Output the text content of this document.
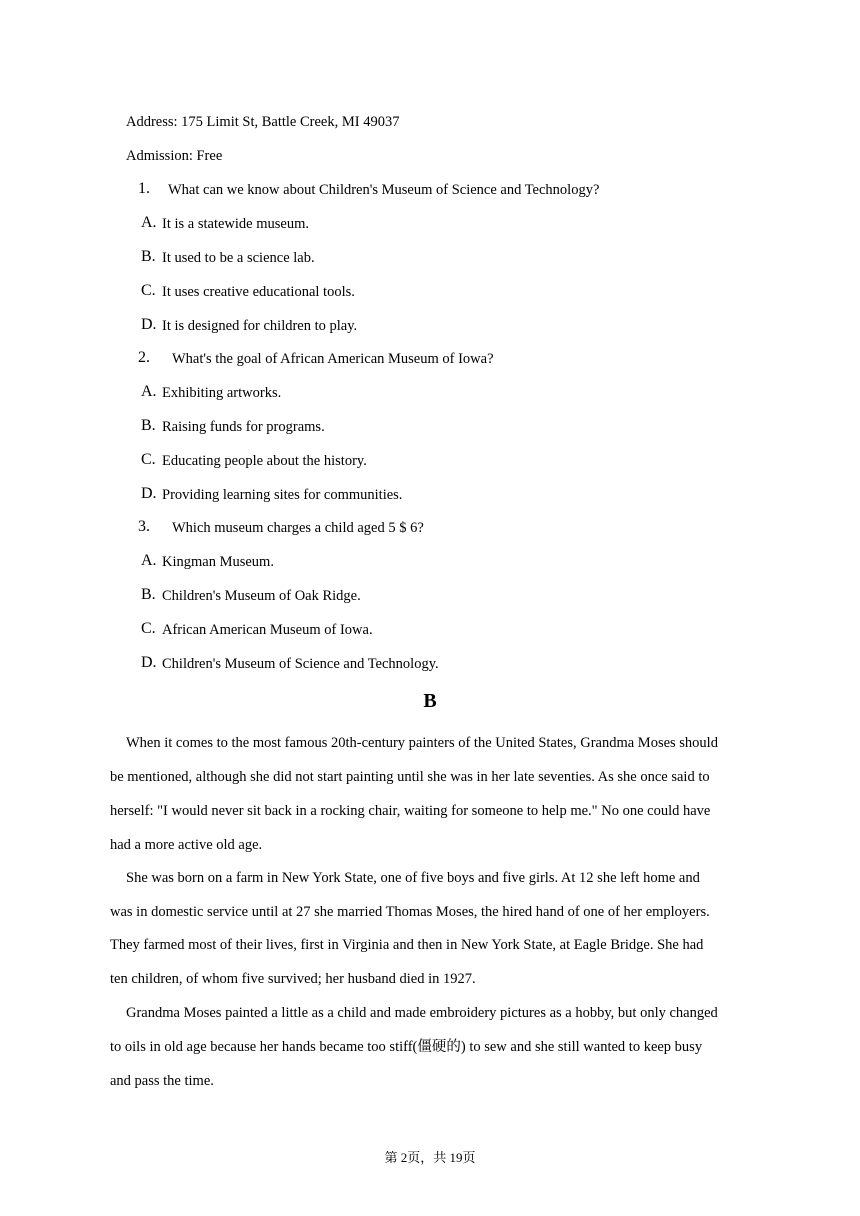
Address: 175 Limit St, Battle Creek, MI 49037
Admission: Free
1. What can we know about Children's Museum of Science and Technology?
A. It is a statewide museum.
B. It used to be a science lab.
C. It uses creative educational tools.
D. It is designed for children to play.
2. What's the goal of African American Museum of Iowa?
A. Exhibiting artworks.
B. Raising funds for programs.
C. Educating people about the history.
D. Providing learning sites for communities.
3. Which museum charges a child aged 5 $ 6?
A. Kingman Museum.
B. Children's Museum of Oak Ridge.
C. African American Museum of Iowa.
D. Children's Museum of Science and Technology.
B
When it comes to the most famous 20th-century painters of the United States, Grandma Moses should
be mentioned, although she did not start painting until she was in her late seventies. As she once said to
herself: "I would never sit back in a rocking chair, waiting for someone to help me." No one could have
had a more active old age.
She was born on a farm in New York State, one of five boys and five girls. At 12 she left home and
was in domestic service until at 27 she married Thomas Moses, the hired hand of one of her employers.
They farmed most of their lives, first in Virginia and then in New York State, at Eagle Bridge. She had
ten children, of whom five survived; her husband died in 1927.
Grandma Moses painted a little as a child and made embroidery pictures as a hobby, but only changed
to oils in old age because her hands became too stiff(僵硬的) to sew and she still wanted to keep busy
and pass the time.
第 2页，共 19页
